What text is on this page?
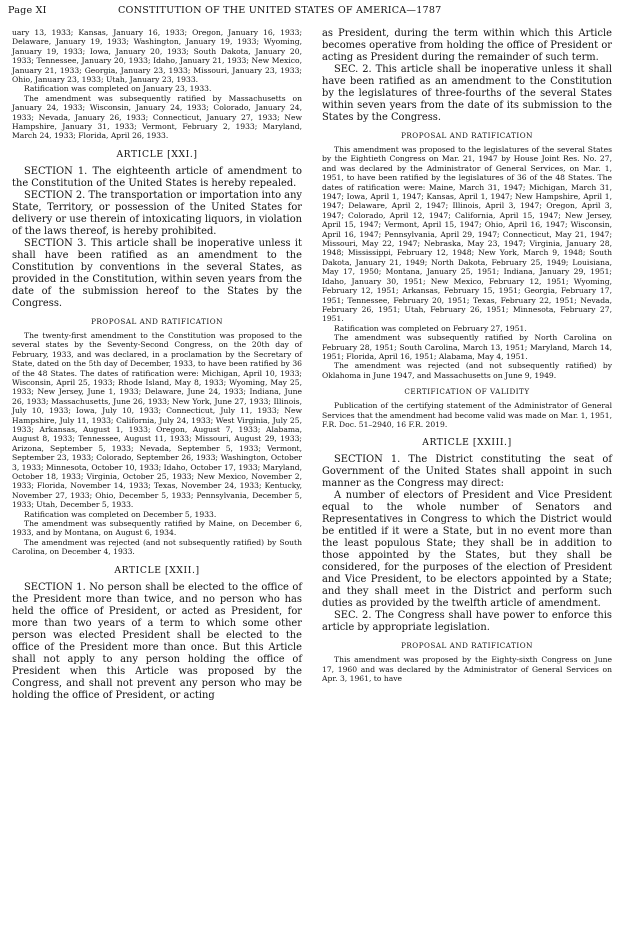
Page XI	CONSTITUTION OF THE UNITED STATES OF AMERICA—1787

uary 13, 1933; Kansas, January 16, 1933; Oregon, January 16, 1933; Delaware, January 19, 1933; Washington, January 19, 1933; Wyoming, January 19, 1933; Iowa, January 20, 1933; South Dakota, January 20, 1933; Tennessee, January 20, 1933; Idaho, January 21, 1933; New Mexico, January 21, 1933; Georgia, January 23, 1933; Missouri, January 23, 1933; Ohio, January 23, 1933; Utah, January 23, 1933.

Ratification was completed on January 23, 1933.

The amendment was subsequently ratified by Massachusetts on January 24, 1933; Wisconsin, January 24, 1933; Colorado, January 24, 1933; Nevada, January 26, 1933; Connecticut, January 27, 1933; New Hampshire, January 31, 1933; Vermont, February 2, 1933; Maryland, March 24, 1933; Florida, April 26, 1933.

ARTICLE [XXI.]

SECTION 1. The eighteenth article of amendment to the Constitution of the United States is hereby repealed.

SECTION 2. The transportation or importation into any State, Territory, or possession of the United States for delivery or use therein of intoxicating liquors, in violation of the laws thereof, is hereby prohibited.

SECTION 3. This article shall be inoperative unless it shall have been ratified as an amendment to the Constitution by conventions in the several States, as provided in the Constitution, within seven years from the date of the submission hereof to the States by the Congress.

PROPOSAL AND RATIFICATION

The twenty-first amendment to the Constitution was proposed to the several states by the Seventy-Second Congress, on the 20th day of February, 1933, and was declared, in a proclamation by the Secretary of State, dated on the 5th day of December, 1933, to have been ratified by 36 of the 48 States. The dates of ratification were: Michigan, April 10, 1933; Wisconsin, April 25, 1933; Rhode Island, May 8, 1933; Wyoming, May 25, 1933; New Jersey, June 1, 1933; Delaware, June 24, 1933; Indiana, June 26, 1933; Massachusetts, June 26, 1933; New York, June 27, 1933; Illinois, July 10, 1933; Iowa, July 10, 1933; Connecticut, July 11, 1933; New Hampshire, July 11, 1933; California, July 24, 1933; West Virginia, July 25, 1933; Arkansas, August 1, 1933; Oregon, August 7, 1933; Alabama, August 8, 1933; Tennessee, August 11, 1933; Missouri, August 29, 1933; Arizona, September 5, 1933; Nevada, September 5, 1933; Vermont, September 23, 1933; Colorado, September 26, 1933; Washington, October 3, 1933; Minnesota, October 10, 1933; Idaho, October 17, 1933; Maryland, October 18, 1933; Virginia, October 25, 1933; New Mexico, November 2, 1933; Florida, November 14, 1933; Texas, November 24, 1933; Kentucky, November 27, 1933; Ohio, December 5, 1933; Pennsylvania, December 5, 1933; Utah, December 5, 1933.

Ratification was completed on December 5, 1933.

The amendment was subsequently ratified by Maine, on December 6, 1933, and by Montana, on August 6, 1934.

The amendment was rejected (and not subsequently ratified) by South Carolina, on December 4, 1933.

ARTICLE [XXII.]

SECTION 1. No person shall be elected to the office of the President more than twice, and no person who has held the office of President, or acted as President, for more than two years of a term to which some other person was elected President shall be elected to the office of the President more than once. But this Article shall not apply to any person holding the office of President when this Article was proposed by the Congress, and shall not prevent any person who may be holding the office of President, or acting

as President, during the term within which this Article becomes operative from holding the office of President or acting as President during the remainder of such term.

SEC. 2. This article shall be inoperative unless it shall have been ratified as an amendment to the Constitution by the legislatures of three-fourths of the several States within seven years from the date of its submission to the States by the Congress.

PROPOSAL AND RATIFICATION

This amendment was proposed to the legislatures of the several States by the Eightieth Congress on Mar. 21, 1947 by House Joint Res. No. 27, and was declared by the Administrator of General Services, on Mar. 1, 1951, to have been ratified by the legislatures of 36 of the 48 States. The dates of ratification were: Maine, March 31, 1947; Michigan, March 31, 1947; Iowa, April 1, 1947; Kansas, April 1, 1947; New Hampshire, April 1, 1947; Delaware, April 2, 1947; Illinois, April 3, 1947; Oregon, April 3, 1947; Colorado, April 12, 1947; California, April 15, 1947; New Jersey, April 15, 1947; Vermont, April 15, 1947; Ohio, April 16, 1947; Wisconsin, April 16, 1947; Pennsylvania, April 29, 1947; Connecticut, May 21, 1947; Missouri, May 22, 1947; Nebraska, May 23, 1947; Virginia, January 28, 1948; Mississippi, February 12, 1948; New York, March 9, 1948; South Dakota, January 21, 1949; North Dakota, February 25, 1949; Louisiana, May 17, 1950; Montana, January 25, 1951; Indiana, January 29, 1951; Idaho, January 30, 1951; New Mexico, February 12, 1951; Wyoming, February 12, 1951; Arkansas, February 15, 1951; Georgia, February 17, 1951; Tennessee, February 20, 1951; Texas, February 22, 1951; Nevada, February 26, 1951; Utah, February 26, 1951; Minnesota, February 27, 1951.

Ratification was completed on February 27, 1951.

The amendment was subsequently ratified by North Carolina on February 28, 1951; South Carolina, March 13, 1951; Maryland, March 14, 1951; Florida, April 16, 1951; Alabama, May 4, 1951.

The amendment was rejected (and not subsequently ratified) by Oklahoma in June 1947, and Massachusetts on June 9, 1949.

CERTIFICATION OF VALIDITY

Publication of the certifying statement of the Administrator of General Services that the amendment had become valid was made on Mar. 1, 1951, F.R. Doc. 51–2940, 16 F.R. 2019.

ARTICLE [XXIII.]

SECTION 1. The District constituting the seat of Government of the United States shall appoint in such manner as the Congress may direct:

A number of electors of President and Vice President equal to the whole number of Senators and Representatives in Congress to which the District would be entitled if it were a State, but in no event more than the least populous State; they shall be in addition to those appointed by the States, but they shall be considered, for the purposes of the election of President and Vice President, to be electors appointed by a State; and they shall meet in the District and perform such duties as provided by the twelfth article of amendment.

SEC. 2. The Congress shall have power to enforce this article by appropriate legislation.

PROPOSAL AND RATIFICATION

This amendment was proposed by the Eighty-sixth Congress on June 17, 1960 and was declared by the Administrator of General Services on Apr. 3, 1961, to have
